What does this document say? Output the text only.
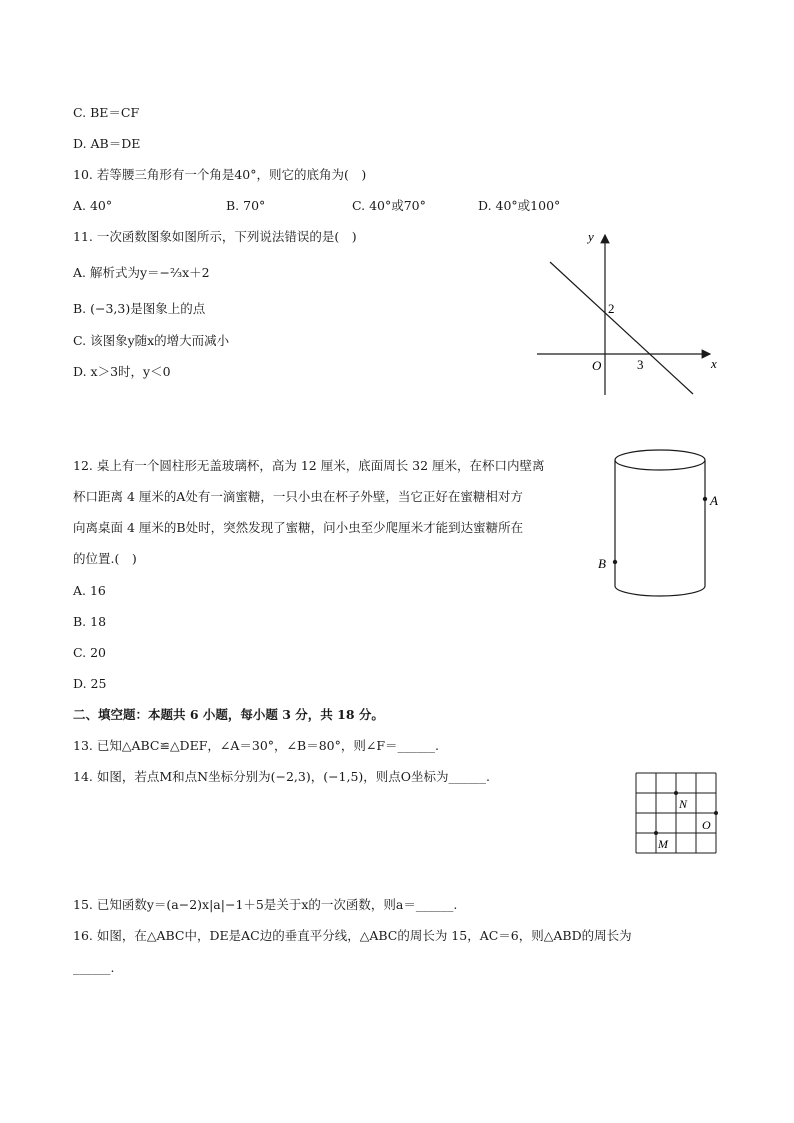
C. BE＝CF
D. AB＝DE
10. 若等腰三角形有一个角是40°，则它的底角为(　)
A. 40°	B. 70°	C. 40°或70°	D. 40°或100°
11. 一次函数图象如图所示，下列说法错误的是(　)
A. 解析式为y＝−⅔x＋2
B. (−3,3)是图象上的点
C. 该图象y随x的增大而减小
D. x＞3时，y＜0
y
x
O
2
3
12. 桌上有一个圆柱形无盖玻璃杯，高为 12 厘米，底面周长 32 厘米，在杯口内壁离
杯口距离 4 厘米的A处有一滴蜜糖，一只小虫在杯子外壁，当它正好在蜜糖相对方
向离桌面 4 厘米的B处时，突然发现了蜜糖，问小虫至少爬厘米才能到达蜜糖所在
的位置.(　)
A. 16
B. 18
C. 20
D. 25
A
B
二、填空题：本题共 6 小题，每小题 3 分，共 18 分。
13. 已知△ABC≌△DEF，∠A＝30°，∠B＝80°，则∠F＝______.
14. 如图，若点M和点N坐标分别为(−2,3)，(−1,5)，则点O坐标为______.
N
M
O
15. 已知函数y＝(a−2)x|a|−1＋5是关于x的一次函数，则a＝______.
16. 如图，在△ABC中，DE是AC边的垂直平分线，△ABC的周长为 15，AC＝6，则△ABD的周长为
______.
